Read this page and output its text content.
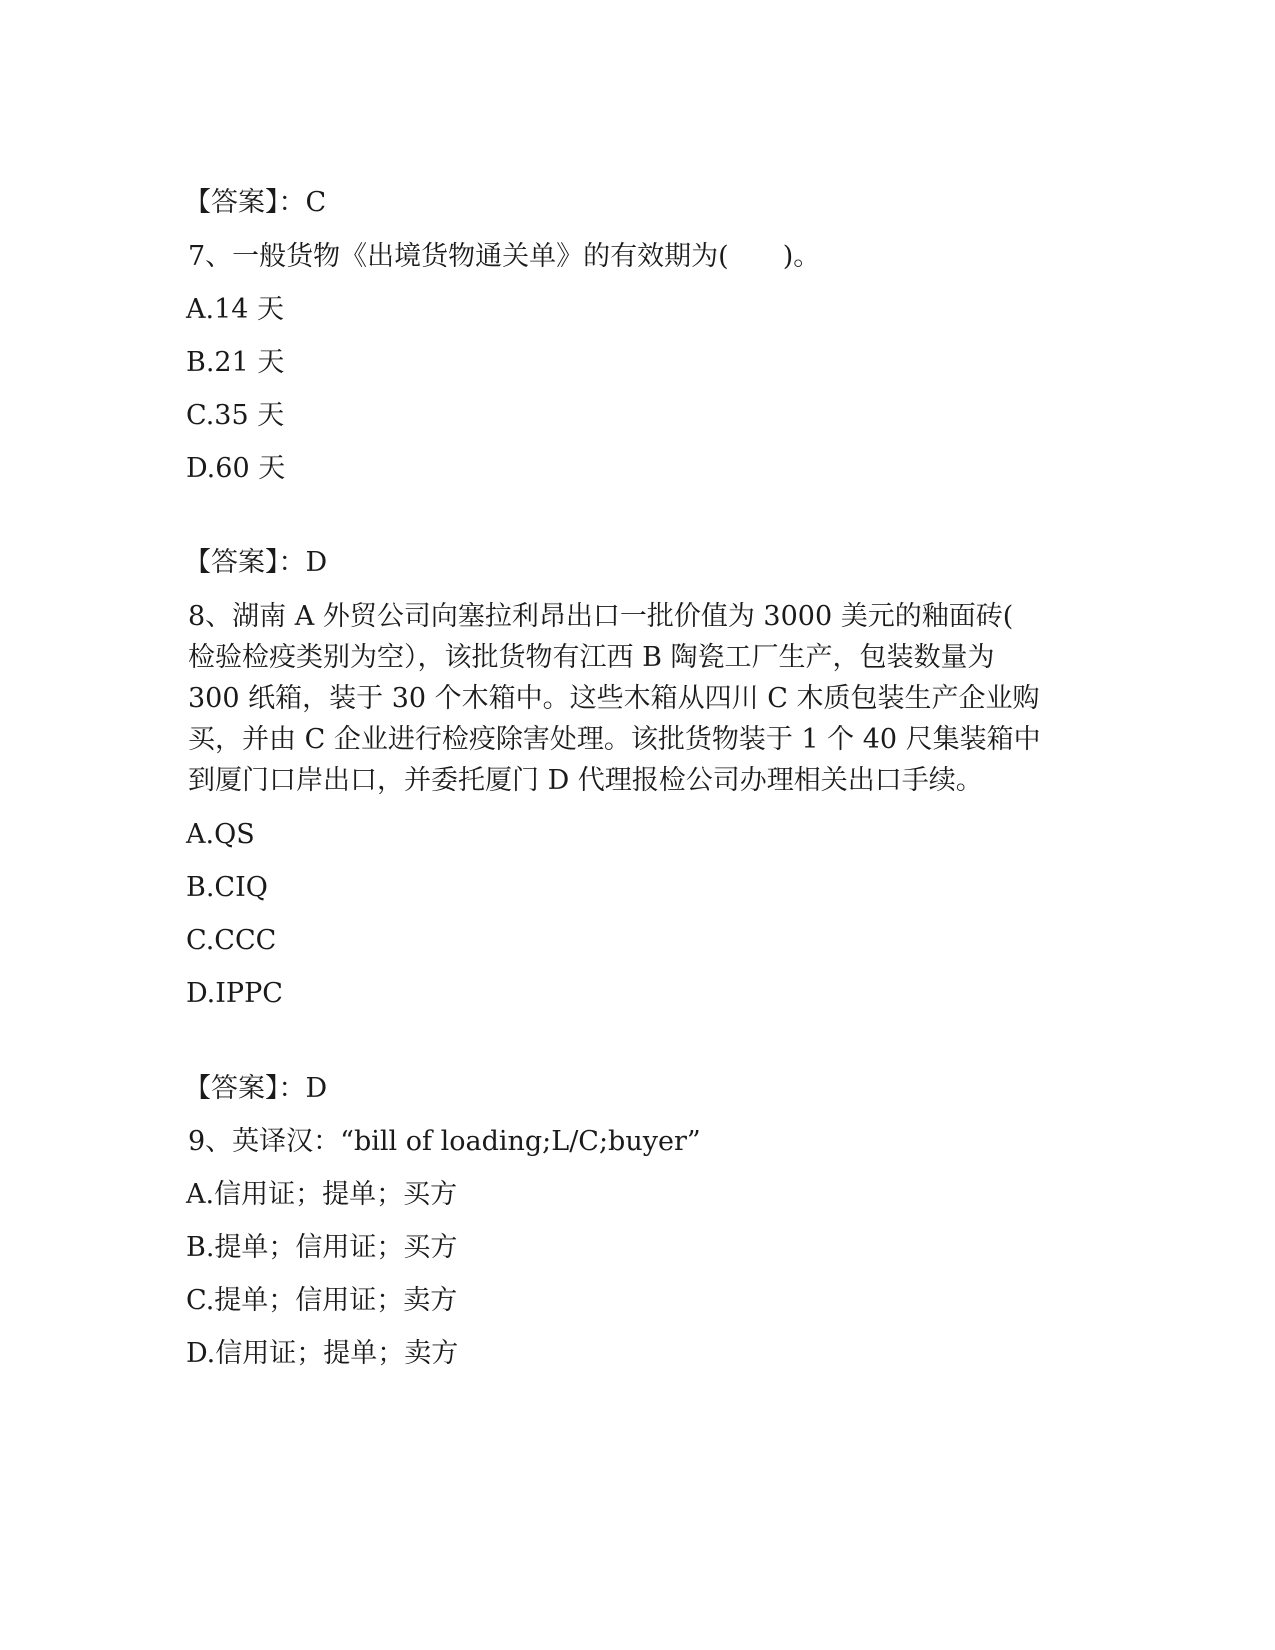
【答案】：C
7、一般货物《出境货物通关单》的有效期为(　　)。
A.14 天
B.21 天
C.35 天
D.60 天
【答案】：D
8、湖南 A 外贸公司向塞拉利昂出口一批价值为 3000 美元的釉面砖(
检验检疫类别为空），该批货物有江西 B 陶瓷工厂生产，包装数量为
300 纸箱，装于 30 个木箱中。这些木箱从四川 C 木质包装生产企业购
买，并由 C 企业进行检疫除害处理。该批货物装于 1 个 40 尺集装箱中
到厦门口岸出口，并委托厦门 D 代理报检公司办理相关出口手续。
A.QS
B.CIQ
C.CCC
D.IPPC
【答案】：D
9、英译汉：“bill of loading;L/C;buyer”
A.信用证；提单；买方
B.提单；信用证；买方
C.提单；信用证；卖方
D.信用证；提单；卖方
